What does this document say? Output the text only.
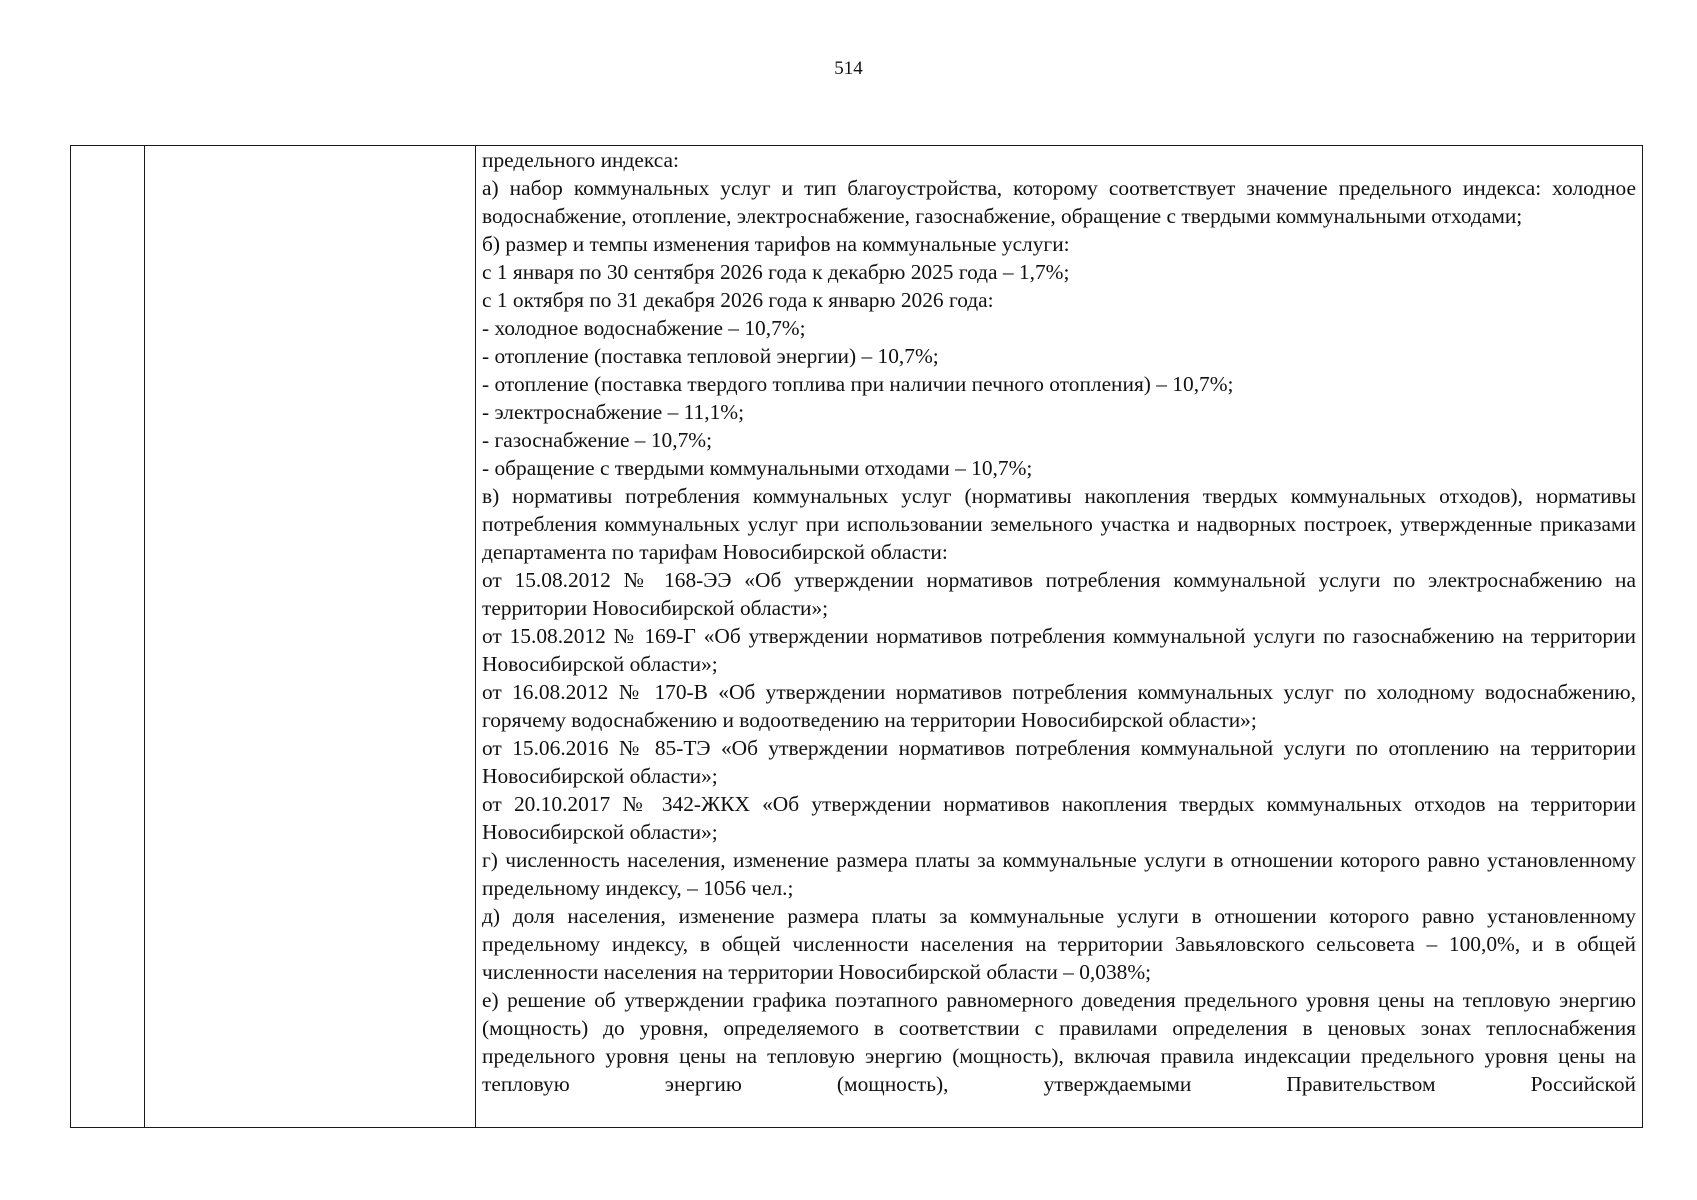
514

предельного индекса:

а) набор коммунальных услуг и тип благоустройства, которому соответствует значение предельного индекса: холодное водоснабжение, отопление, электроснабжение, газоснабжение, обращение с твердыми коммунальными отходами;

б) размер и темпы изменения тарифов на коммунальные услуги:

с 1 января по 30 сентября 2026 года к декабрю 2025 года – 1,7%;

с 1 октября по 31 декабря 2026 года к январю 2026 года:

- холодное водоснабжение – 10,7%;

- отопление (поставка тепловой энергии) – 10,7%;

- отопление (поставка твердого топлива при наличии печного отопления) – 10,7%;

- электроснабжение – 11,1%;

- газоснабжение – 10,7%;

- обращение с твердыми коммунальными отходами – 10,7%;

в) нормативы потребления коммунальных услуг (нормативы накопления твердых коммунальных отходов), нормативы потребления коммунальных услуг при использовании земельного участка и надворных построек, утвержденные приказами департамента по тарифам Новосибирской области:

от 15.08.2012 № 168-ЭЭ «Об утверждении нормативов потребления коммунальной услуги по электроснабжению на территории Новосибирской области»;

от 15.08.2012 № 169-Г «Об утверждении нормативов потребления коммунальной услуги по газоснабжению на территории Новосибирской области»;

от 16.08.2012 № 170-В «Об утверждении нормативов потребления коммунальных услуг по холодному водоснабжению, горячему водоснабжению и водоотведению на территории Новосибирской области»;

от 15.06.2016 № 85-ТЭ «Об утверждении нормативов потребления коммунальной услуги по отоплению на территории Новосибирской области»;

от 20.10.2017 № 342-ЖКХ «Об утверждении нормативов накопления твердых коммунальных отходов на территории Новосибирской области»;

г) численность населения, изменение размера платы за коммунальные услуги в отношении которого равно установленному предельному индексу, – 1056 чел.;

д) доля населения, изменение размера платы за коммунальные услуги в отношении которого равно установленному предельному индексу, в общей численности населения на территории Завьяловского сельсовета – 100,0%, и в общей численности населения на территории Новосибирской области – 0,038%;

е) решение об утверждении графика поэтапного равномерного доведения предельного уровня цены на тепловую энергию (мощность) до уровня, определяемого в соответствии с правилами определения в ценовых зонах теплоснабжения предельного уровня цены на тепловую энергию (мощность), включая правила индексации предельного уровня цены на тепловую энергию (мощность), утверждаемыми Правительством Российской
